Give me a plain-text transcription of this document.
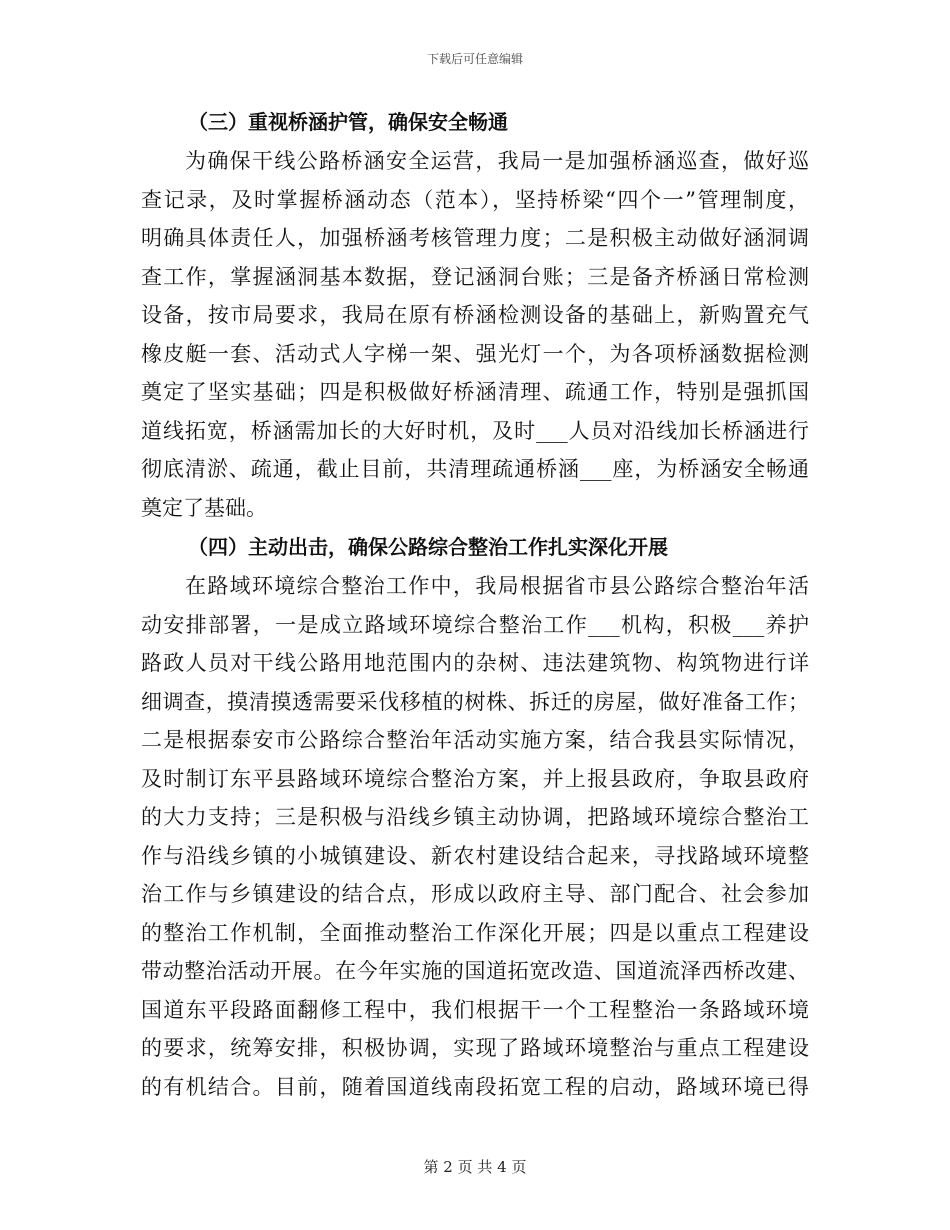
下载后可任意编辑

（三）重视桥涵护管，确保安全畅通

为确保干线公路桥涵安全运营，我局一是加强桥涵巡查，做好巡

查记录，及时掌握桥涵动态（范本），坚持桥梁“四个一”管理制度，

明确具体责任人，加强桥涵考核管理力度；二是积极主动做好涵洞调

查工作，掌握涵洞基本数据，登记涵洞台账；三是备齐桥涵日常检测

设备，按市局要求，我局在原有桥涵检测设备的基础上，新购置充气

橡皮艇一套、活动式人字梯一架、强光灯一个，为各项桥涵数据检测

奠定了坚实基础；四是积极做好桥涵清理、疏通工作，特别是强抓国

道线拓宽，桥涵需加长的大好时机，及时___人员对沿线加长桥涵进行

彻底清淤、疏通，截止目前，共清理疏通桥涵___座，为桥涵安全畅通

奠定了基础。

（四）主动出击，确保公路综合整治工作扎实深化开展

在路域环境综合整治工作中，我局根据省市县公路综合整治年活

动安排部署，一是成立路域环境综合整治工作___机构，积极___养护

路政人员对干线公路用地范围内的杂树、违法建筑物、构筑物进行详

细调查，摸清摸透需要采伐移植的树株、拆迁的房屋，做好准备工作；

二是根据泰安市公路综合整治年活动实施方案，结合我县实际情况，

及时制订东平县路域环境综合整治方案，并上报县政府，争取县政府

的大力支持；三是积极与沿线乡镇主动协调，把路域环境综合整治工

作与沿线乡镇的小城镇建设、新农村建设结合起来，寻找路域环境整

治工作与乡镇建设的结合点，形成以政府主导、部门配合、社会参加

的整治工作机制，全面推动整治工作深化开展；四是以重点工程建设

带动整治活动开展。在今年实施的国道拓宽改造、国道流泽西桥改建、

国道东平段路面翻修工程中，我们根据干一个工程整治一条路域环境

的要求，统筹安排，积极协调，实现了路域环境整治与重点工程建设

的有机结合。目前，随着国道线南段拓宽工程的启动，路域环境已得

第 2 页 共 4 页
